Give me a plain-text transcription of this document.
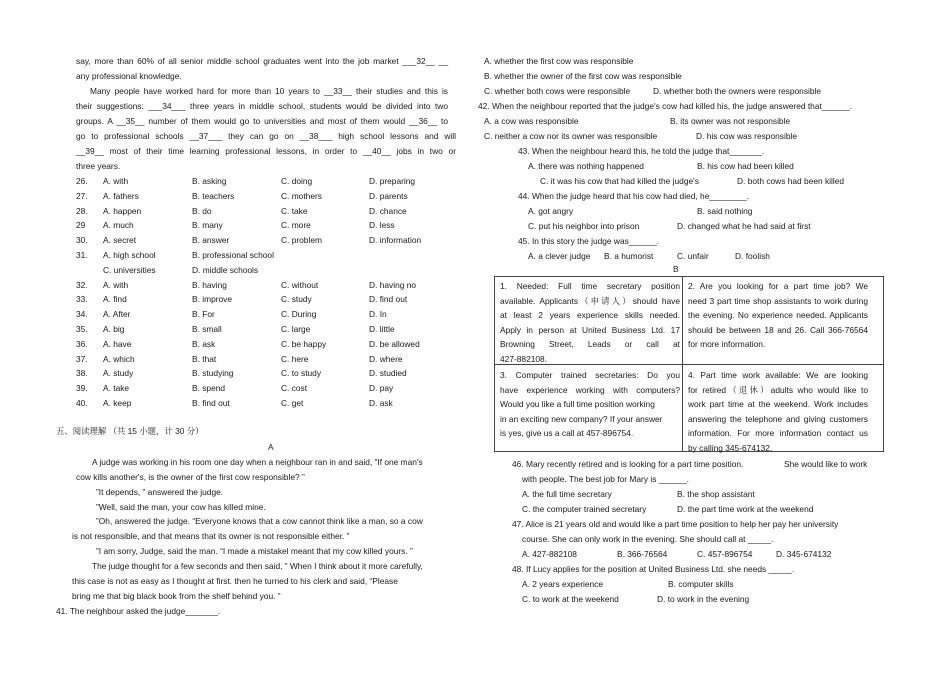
say, more than 60% of all senior middle school graduates went into the job market ___32__ __
any professional knowledge.
Many people have worked hard for more than 10 years to __33__ their studies and this is
their suggestions: ___34___ three years in middle school, students would be divided into two
groups. A __35__ number of them would go to universities and most of them would __36__ to
go to professional schools __37___ they can go on __38___ high school lessons and will
__39__ most of their time learning professional lessons, in order to __40__ jobs in two or
three years.
26. A. with	B. asking	C. doing	D. preparing
27. A. fathers	B. teachers	C. mothers	D. parents
28. A. happen	B. do	C. take	D. chance
29 A. much	B. many	C. more	D. less
30. A. secret	B. answer	C. problem	D. information
31. A. high school	B. professional school
C. universities	D. middle schools
32. A. with	B. having	C. without	D. having no
33. A. find	B. improve	C. study	D. find out
34. A. After	B. For	C. During	D. In
35. A. big	B. small	C. large	D. little
36. A. have	B. ask	C. be happy	D. be allowed
37. A. which	B. that	C. here	D. where
38. A. study	B. studying	C. to study	D. studied
39. A. take	B. spend	C. cost	D. pay
40. A. keep	B. find out	C. get	D. ask
五、阅读理解 （共 15 小题，计 30 分）
A
A judge was working in his room one day when a neighbour ran in and said, ”If one man's
cow kills another's, is the owner of the first cow responsible? ”
”It depends, ” answered the judge.
”Well, said the man, your cow has killed mine.
”Oh, answered the judge. “Everyone knows that a cow cannot think like a man, so a cow
is not responsible, and that means that its owner is not responsible either. ”
”I am sorry, Judge, said the man. “I made a mistakel meant that my cow killed yours. ”
The judge thought for a few seconds and then said, ” When I think about it more carefully,
this case is not as easy as I thought at first. then he turned to his clerk and said, “Please
bring me that big black book from the shelf behind you. ”
41. The neighbour asked the judge_______.
A. whether the first cow was responsible
B. whether the owner of the first cow was responsible
C. whether both cows were responsible	D. whether both the owners were responsible
42. When the neighbour reported that the judge's cow had killed his, the judge answered that______.
A. a cow was responsible	B. its owner was not responsible
C. neither a cow nor its owner was responsible	D. his cow was responsible
43. When the neighbour heard this, he told the judge that_______.
A. there was nothing happened	B. his cow had been killed
C. it was his cow that had killed the judge's	D. both cows had been killed
44. When the judge heard that his cow had died, he________.
A. got angry	B. said nothing
C. put his neighbor into prison	D. changed what he had said at first
45. In this story the judge was______.
A. a clever judge B. a humorist	C. unfair	D. foolish
B
1. Needed: Full time secretary position
available. Applicants（申请人）should have
at least 2 years experience skills needed.
Apply in person at United Business Ltd. 17
Browning Street, Leads or call at
427-882108.
2. Are you looking for a part time job? We
need 3 part time shop assistants to work during
the evening. No experience needed. Applicants
should be between 18 and 26. Call 366-76564
for more information.
3. Computer trained secretaries: Do you
have experience working with computers?
Would you like a full time position working
in an exciting new company? If your answer
is yes, give us a call at 457-896754.
4. Part time work available: We are looking
for retired（退休）adults who would like to
work part time at the weekend. Work includes
answering the telephone and giving customers
information. For more information contact us
by calling 345-674132.
46. Mary recently retired and is looking for a part time position.	She would like to work
with people. The best job for Mary is ______.
A. the full time secretary	B. the shop assistant
C. the computer trained secretary	D. the part time work at the weekend
47. Alice is 21 years old and would like a part time position to help her pay her university
course. She can only work in the evening. She should call at _____.
A. 427-882108	B. 366-76564	C. 457-896754	D. 345-674132
48. If Lucy applies for the position at United Business Ltd. she needs _____.
A. 2 years experience	B. computer skills
C. to work at the weekend	D. to work in the evening
